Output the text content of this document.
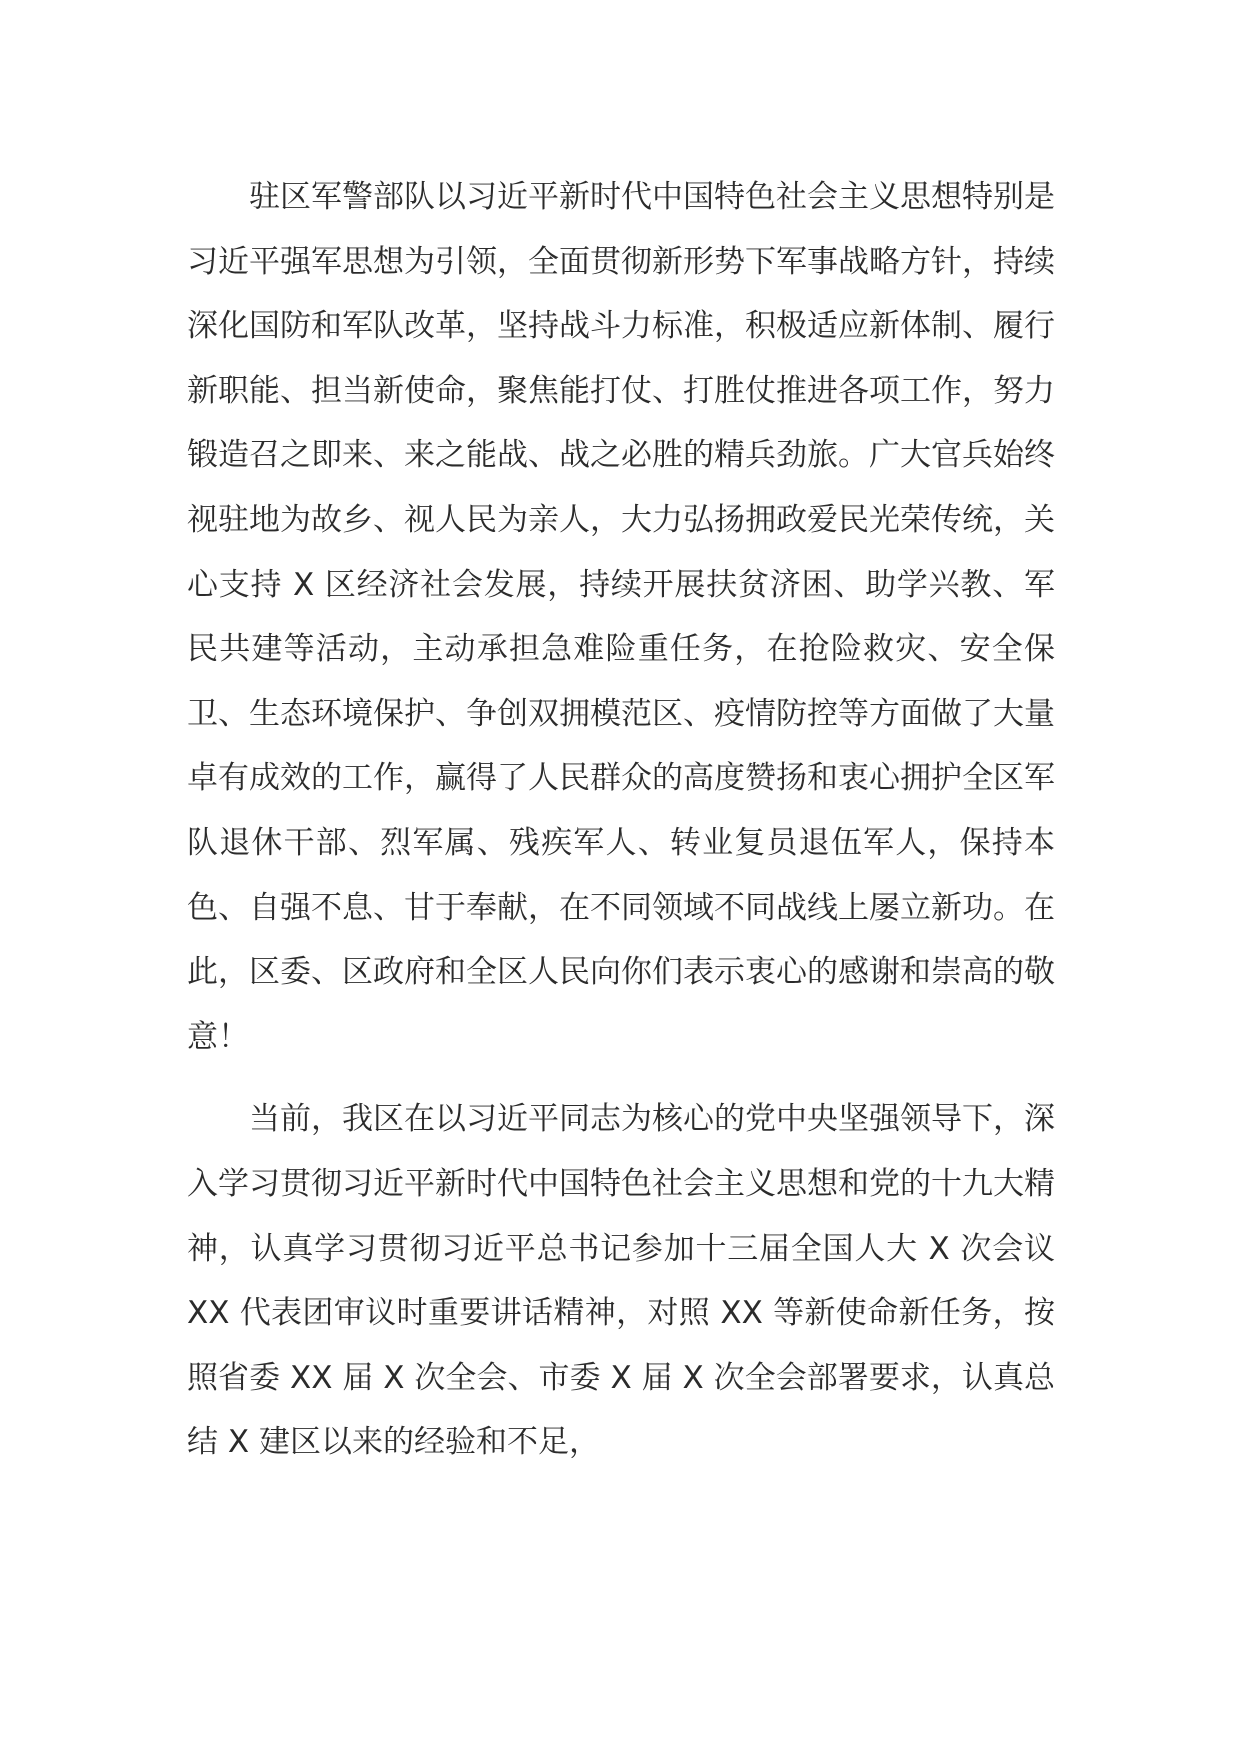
驻区军警部队以习近平新时代中国特色社会主义思想特别是习近平强军思想为引领，全面贯彻新形势下军事战略方针，持续深化国防和军队改革，坚持战斗力标准，积极适应新体制、履行新职能、担当新使命，聚焦能打仗、打胜仗推进各项工作，努力锻造召之即来、来之能战、战之必胜的精兵劲旅。广大官兵始终视驻地为故乡、视人民为亲人，大力弘扬拥政爱民光荣传统，关心支持 X 区经济社会发展，持续开展扶贫济困、助学兴教、军民共建等活动，主动承担急难险重任务，在抢险救灾、安全保卫、生态环境保护、争创双拥模范区、疫情防控等方面做了大量卓有成效的工作，赢得了人民群众的高度赞扬和衷心拥护全区军队退休干部、烈军属、残疾军人、转业复员退伍军人，保持本色、自强不息、甘于奉献，在不同领域不同战线上屡立新功。在此，区委、区政府和全区人民向你们表示衷心的感谢和崇高的敬意！

当前，我区在以习近平同志为核心的党中央坚强领导下，深入学习贯彻习近平新时代中国特色社会主义思想和党的十九大精神，认真学习贯彻习近平总书记参加十三届全国人大 X 次会议 XX 代表团审议时重要讲话精神，对照 XX 等新使命新任务，按照省委 XX 届 X 次全会、市委 X 届 X 次全会部署要求，认真总结 X 建区以来的经验和不足，
